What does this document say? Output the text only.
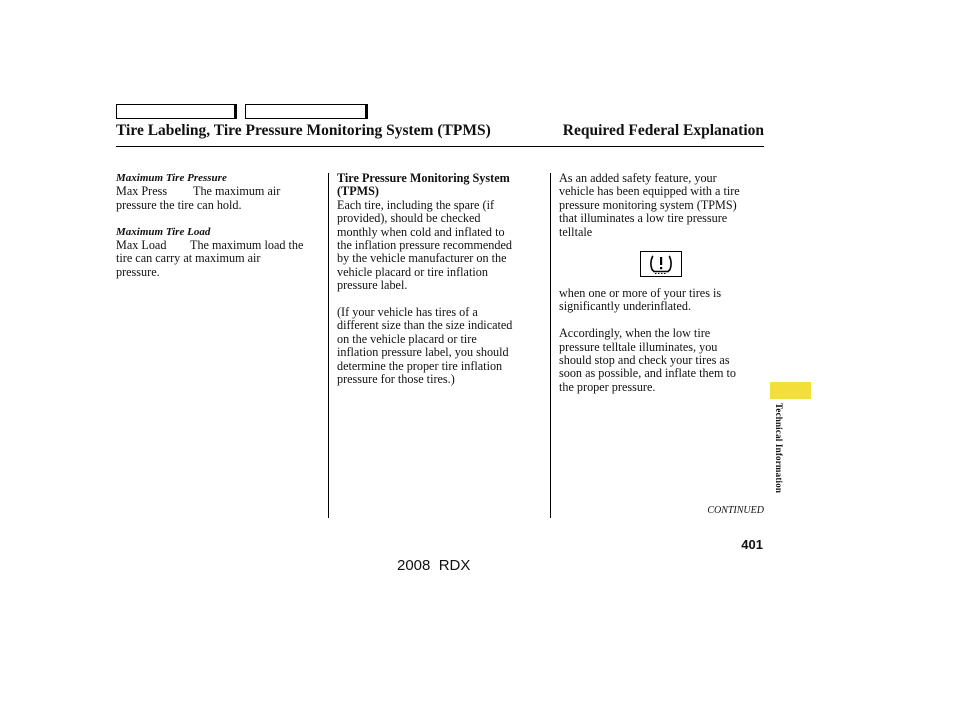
Tire Labeling, Tire Pressure Monitoring System (TPMS)	Required Federal Explanation

Maximum Tire Pressure

Max Press The maximum air

pressure the tire can hold.

Maximum Tire Load

Max Load The maximum load the

tire can carry at maximum air

pressure.

Tire Pressure Monitoring System

(TPMS)

Each tire, including the spare (if

provided), should be checked

monthly when cold and inflated to

the inflation pressure recommended

by the vehicle manufacturer on the

vehicle placard or tire inflation

pressure label.

(If your vehicle has tires of a

different size than the size indicated

on the vehicle placard or tire

inflation pressure label, you should

determine the proper tire inflation

pressure for those tires.)

As an added safety feature, your

vehicle has been equipped with a tire

pressure monitoring system (TPMS)

that illuminates a low tire pressure

telltale

when one or more of your tires is

significantly underinflated.

Accordingly, when the low tire

pressure telltale illuminates, you

should stop and check your tires as

soon as possible, and inflate them to

the proper pressure.

Technical Information
CONTINUED
401
2008  RDX
